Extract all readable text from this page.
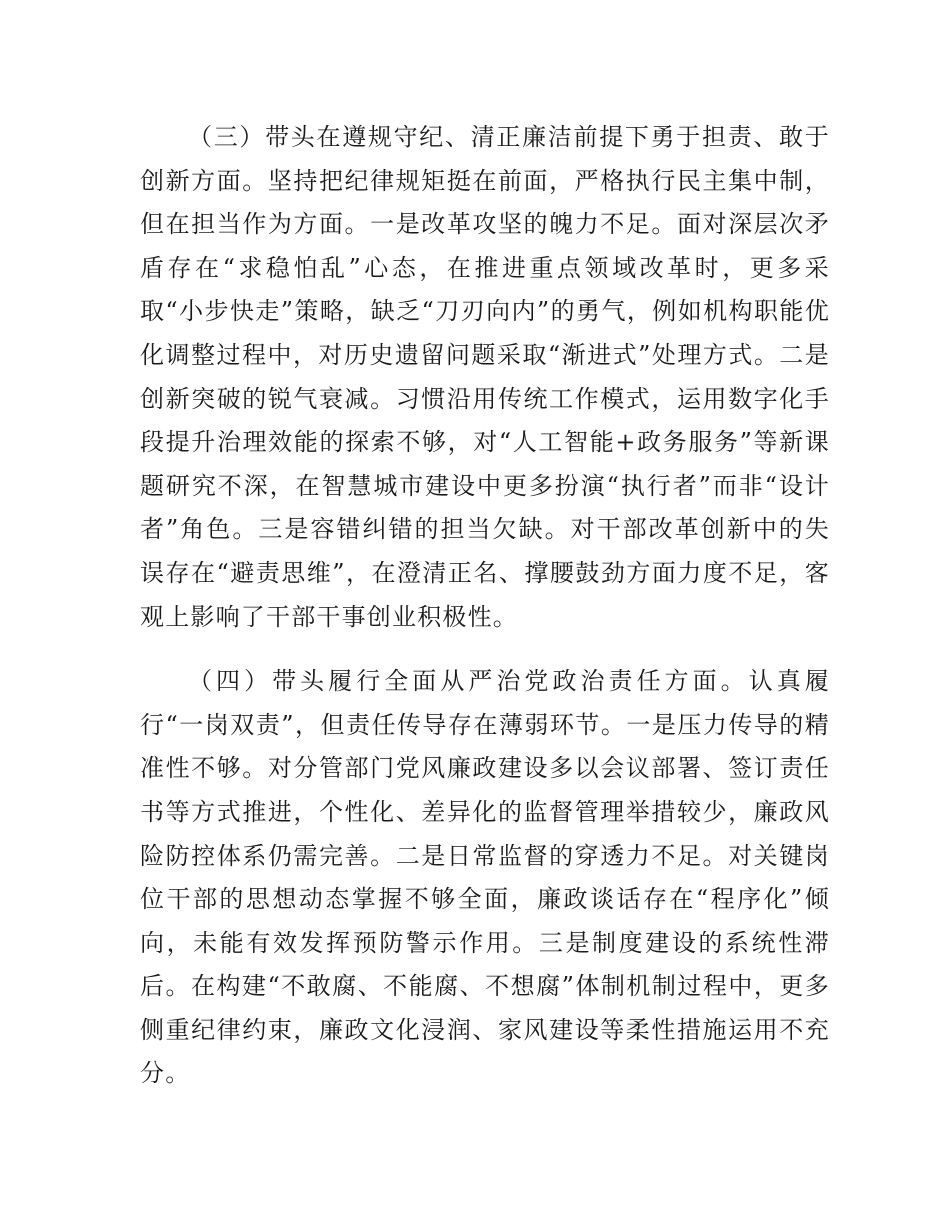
（三）带头在遵规守纪、清正廉洁前提下勇于担责、敢于创新方面。坚持把纪律规矩挺在前面，严格执行民主集中制，但在担当作为方面。一是改革攻坚的魄力不足。面对深层次矛盾存在“求稳怕乱”心态，在推进重点领域改革时，更多采取“小步快走”策略，缺乏“刀刃向内”的勇气，例如机构职能优化调整过程中，对历史遗留问题采取“渐进式”处理方式。二是创新突破的锐气衰减。习惯沿用传统工作模式，运用数字化手段提升治理效能的探索不够，对“人工智能+政务服务”等新课题研究不深，在智慧城市建设中更多扮演“执行者”而非“设计者”角色。三是容错纠错的担当欠缺。对干部改革创新中的失误存在“避责思维”，在澄清正名、撑腰鼓劲方面力度不足，客观上影响了干部干事创业积极性。

（四）带头履行全面从严治党政治责任方面。认真履行“一岗双责”，但责任传导存在薄弱环节。一是压力传导的精准性不够。对分管部门党风廉政建设多以会议部署、签订责任书等方式推进，个性化、差异化的监督管理举措较少，廉政风险防控体系仍需完善。二是日常监督的穿透力不足。对关键岗位干部的思想动态掌握不够全面，廉政谈话存在“程序化”倾向，未能有效发挥预防警示作用。三是制度建设的系统性滞后。在构建“不敢腐、不能腐、不想腐”体制机制过程中，更多侧重纪律约束，廉政文化浸润、家风建设等柔性措施运用不充分。
